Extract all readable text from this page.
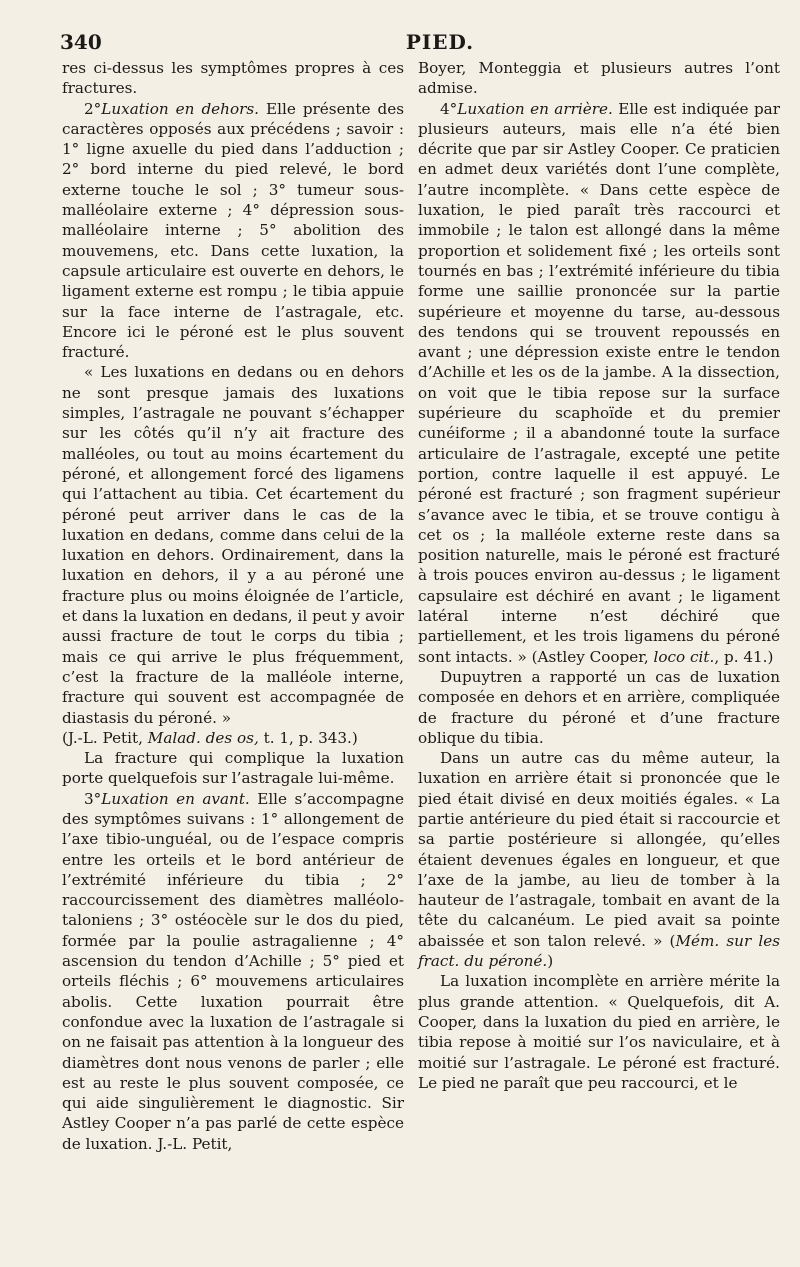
340	PIED.

res ci-dessus les symptômes propres à ces fractures.

2°Luxation en dehors. Elle présente des caractères opposés aux précédens ; savoir : 1° ligne axuelle du pied dans l’adduction ; 2° bord interne du pied relevé, le bord externe touche le sol ; 3° tumeur sous-malléolaire externe ; 4° dépression sous-malléolaire interne ; 5° abolition des mouvemens, etc. Dans cette luxation, la capsule articulaire est ouverte en dehors, le ligament externe est rompu ; le tibia appuie sur la face interne de l’astragale, etc. Encore ici le péroné est le plus souvent fracturé.

« Les luxations en dedans ou en dehors ne sont presque jamais des luxations simples, l’astragale ne pouvant s’échapper sur les côtés qu’il n’y ait fracture des malléoles, ou tout au moins écartement du péroné, et allongement forcé des ligamens qui l’attachent au tibia. Cet écartement du péroné peut arriver dans le cas de la luxation en dedans, comme dans celui de la luxation en dehors. Ordinairement, dans la luxation en dehors, il y a au péroné une fracture plus ou moins éloignée de l’article, et dans la luxation en dedans, il peut y avoir aussi fracture de tout le corps du tibia ; mais ce qui arrive le plus fréquemment, c’est la fracture de la malléole interne, fracture qui souvent est accompagnée de diastasis du péroné. »

(J.-L. Petit, Malad. des os, t. 1, p. 343.)

La fracture qui complique la luxation porte quelquefois sur l’astragale lui-même.

3°Luxation en avant. Elle s’accompagne des symptômes suivans : 1° allongement de l’axe tibio-unguéal, ou de l’espace compris entre les orteils et le bord antérieur de l’extrémité inférieure du tibia ; 2° raccourcissement des diamètres malléolo-taloniens ; 3° ostéocèle sur le dos du pied, formée par la poulie astragalienne ; 4° ascension du tendon d’Achille ; 5° pied et orteils fléchis ; 6° mouvemens articulaires abolis. Cette luxation pourrait être confondue avec la luxation de l’astragale si on ne faisait pas attention à la longueur des diamètres dont nous venons de parler ; elle est au reste le plus souvent composée, ce qui aide singulièrement le diagnostic. Sir Astley Cooper n’a pas parlé de cette espèce de luxation. J.-L. Petit,

Boyer, Monteggia et plusieurs autres l’ont admise.

4°Luxation en arrière. Elle est indiquée par plusieurs auteurs, mais elle n’a été bien décrite que par sir Astley Cooper. Ce praticien en admet deux variétés dont l’une complète, l’autre incomplète. « Dans cette espèce de luxation, le pied paraît très raccourci et immobile ; le talon est allongé dans la même proportion et solidement fixé ; les orteils sont tournés en bas ; l’extrémité inférieure du tibia forme une saillie prononcée sur la partie supérieure et moyenne du tarse, au-dessous des tendons qui se trouvent repoussés en avant ; une dépression existe entre le tendon d’Achille et les os de la jambe. A la dissection, on voit que le tibia repose sur la surface supérieure du scaphoïde et du premier cunéiforme ; il a abandonné toute la surface articulaire de l’astragale, excepté une petite portion, contre laquelle il est appuyé. Le péroné est fracturé ; son fragment supérieur s’avance avec le tibia, et se trouve contigu à cet os ; la malléole externe reste dans sa position naturelle, mais le péroné est fracturé à trois pouces environ au-dessus ; le ligament capsulaire est déchiré en avant ; le ligament latéral interne n’est déchiré que partiellement, et les trois ligamens du péroné sont intacts. » (Astley Cooper, loco cit., p. 41.)

Dupuytren a rapporté un cas de luxation composée en dehors et en arrière, compliquée de fracture du péroné et d’une fracture oblique du tibia.

Dans un autre cas du même auteur, la luxation en arrière était si prononcée que le pied était divisé en deux moitiés égales. « La partie antérieure du pied était si raccourcie et sa partie postérieure si allongée, qu’elles étaient devenues égales en longueur, et que l’axe de la jambe, au lieu de tomber à la hauteur de l’astragale, tombait en avant de la tête du calcanéum. Le pied avait sa pointe abaissée et son talon relevé. » (Mém. sur les fract. du péroné.)

La luxation incomplète en arrière mérite la plus grande attention. « Quelquefois, dit A. Cooper, dans la luxation du pied en arrière, le tibia repose à moitié sur l’os naviculaire, et à moitié sur l’astragale. Le péroné est fracturé. Le pied ne paraît que peu raccourci, et le
